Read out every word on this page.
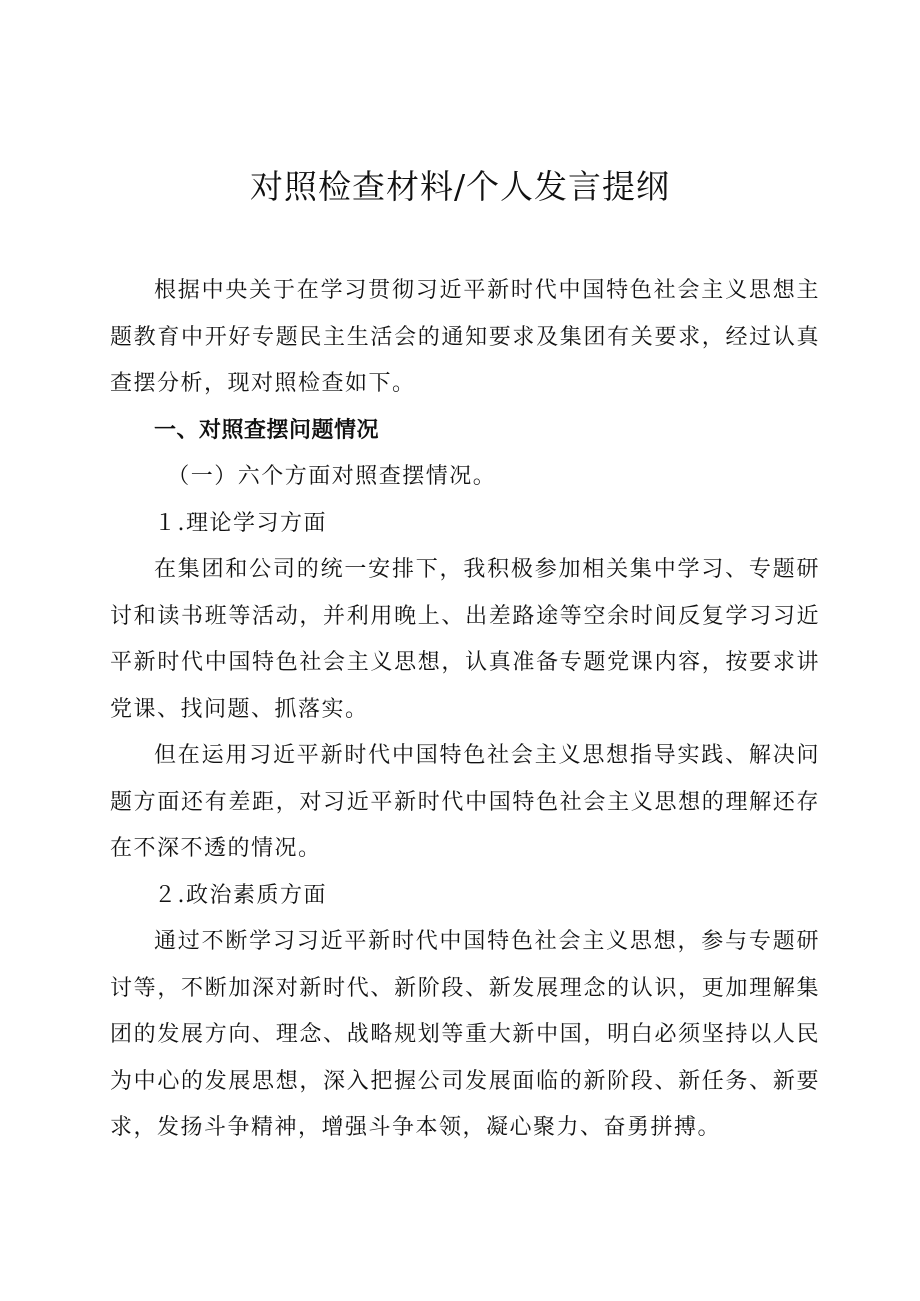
对照检查材料/个人发言提纲

根据中央关于在学习贯彻习近平新时代中国特色社会主义思想主题教育中开好专题民主生活会的通知要求及集团有关要求，经过认真查摆分析，现对照检查如下。

一、对照查摆问题情况

（一）六个方面对照查摆情况。

１.理论学习方面

在集团和公司的统一安排下，我积极参加相关集中学习、专题研讨和读书班等活动，并利用晚上、出差路途等空余时间反复学习习近平新时代中国特色社会主义思想，认真准备专题党课内容，按要求讲党课、找问题、抓落实。

但在运用习近平新时代中国特色社会主义思想指导实践、解决问题方面还有差距，对习近平新时代中国特色社会主义思想的理解还存在不深不透的情况。

２.政治素质方面

通过不断学习习近平新时代中国特色社会主义思想，参与专题研讨等，不断加深对新时代、新阶段、新发展理念的认识，更加理解集团的发展方向、理念、战略规划等重大新中国，明白必须坚持以人民为中心的发展思想，深入把握公司发展面临的新阶段、新任务、新要求，发扬斗争精神，增强斗争本领，凝心聚力、奋勇拼搏。
